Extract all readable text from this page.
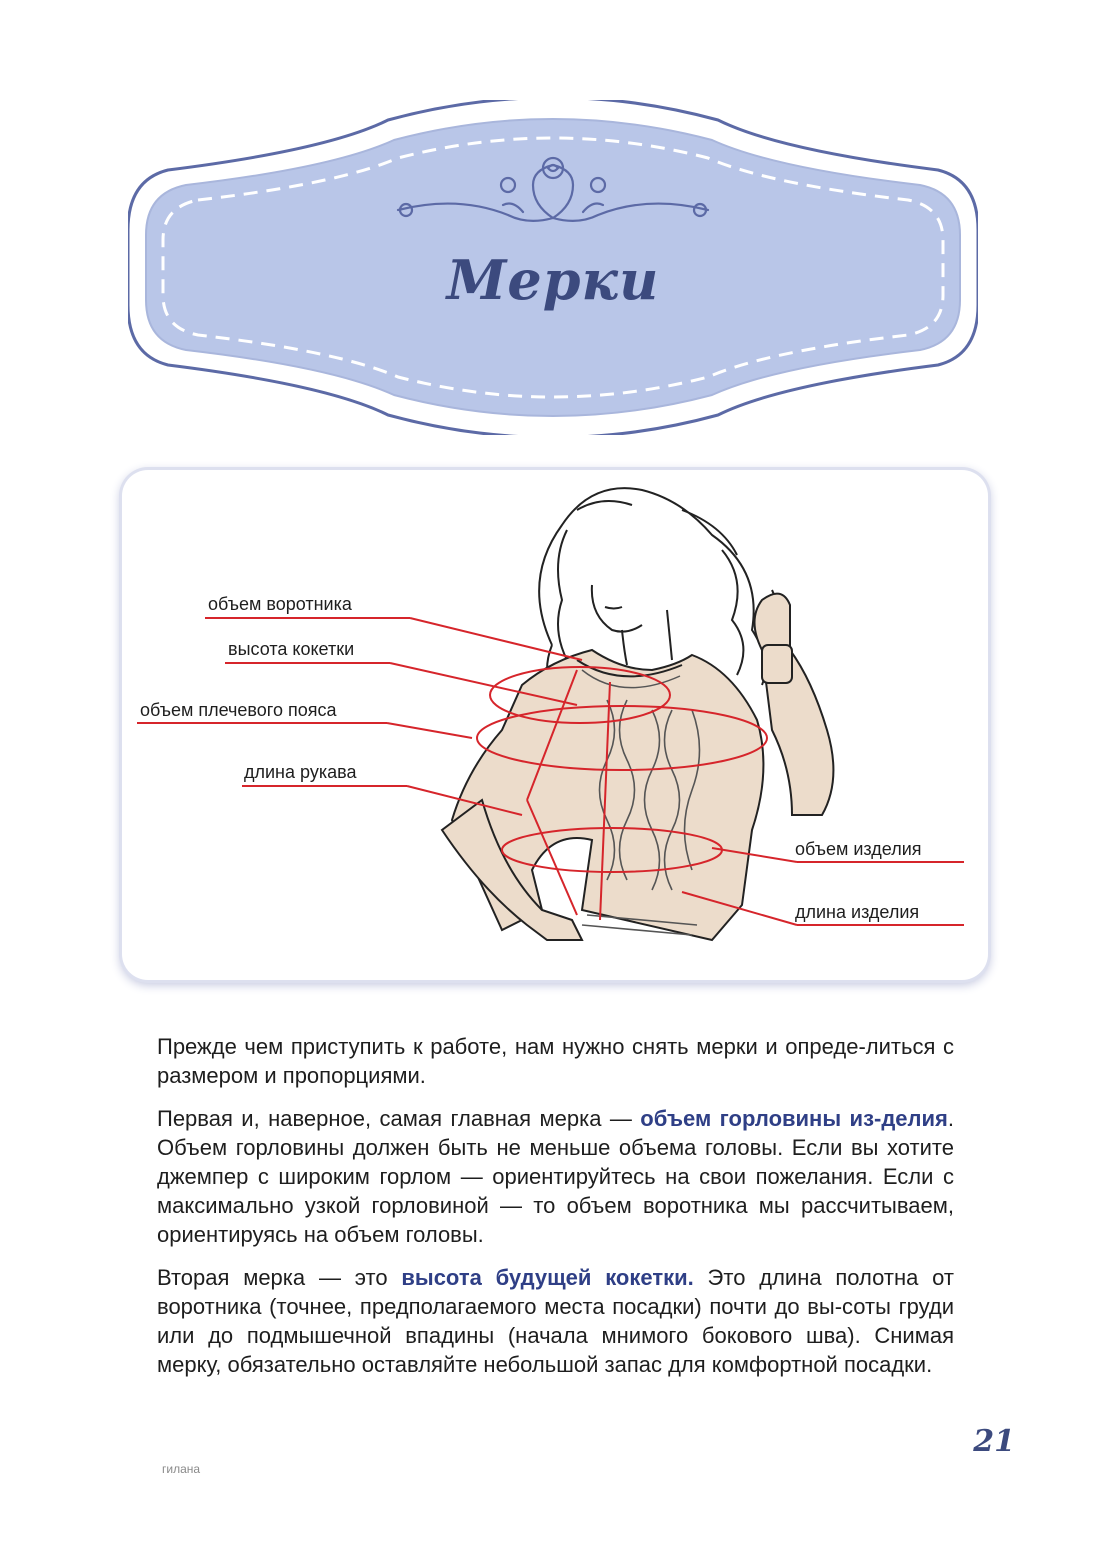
Мерки
объем воротника
высота кокетки
объем плечевого пояса
длина рукава
объем изделия
длина изделия

Прежде чем приступить к работе, нам нужно снять мерки и опреде-литься с размером и пропорциями.

Первая и, наверное, самая главная мерка — объем горловины из-делия. Объем горловины должен быть не меньше объема головы. Если вы хотите джемпер с широким горлом — ориентируйтесь на свои пожелания. Если с максимально узкой горловиной — то объем воротника мы рассчитываем, ориентируясь на объем головы.

Вторая мерка — это высота будущей кокетки. Это длина полотна от воротника (точнее, предполагаемого места посадки) почти до вы-соты груди или до подмышечной впадины (начала мнимого бокового шва). Снимая мерку, обязательно оставляйте небольшой запас для комфортной посадки.

гилана
21
